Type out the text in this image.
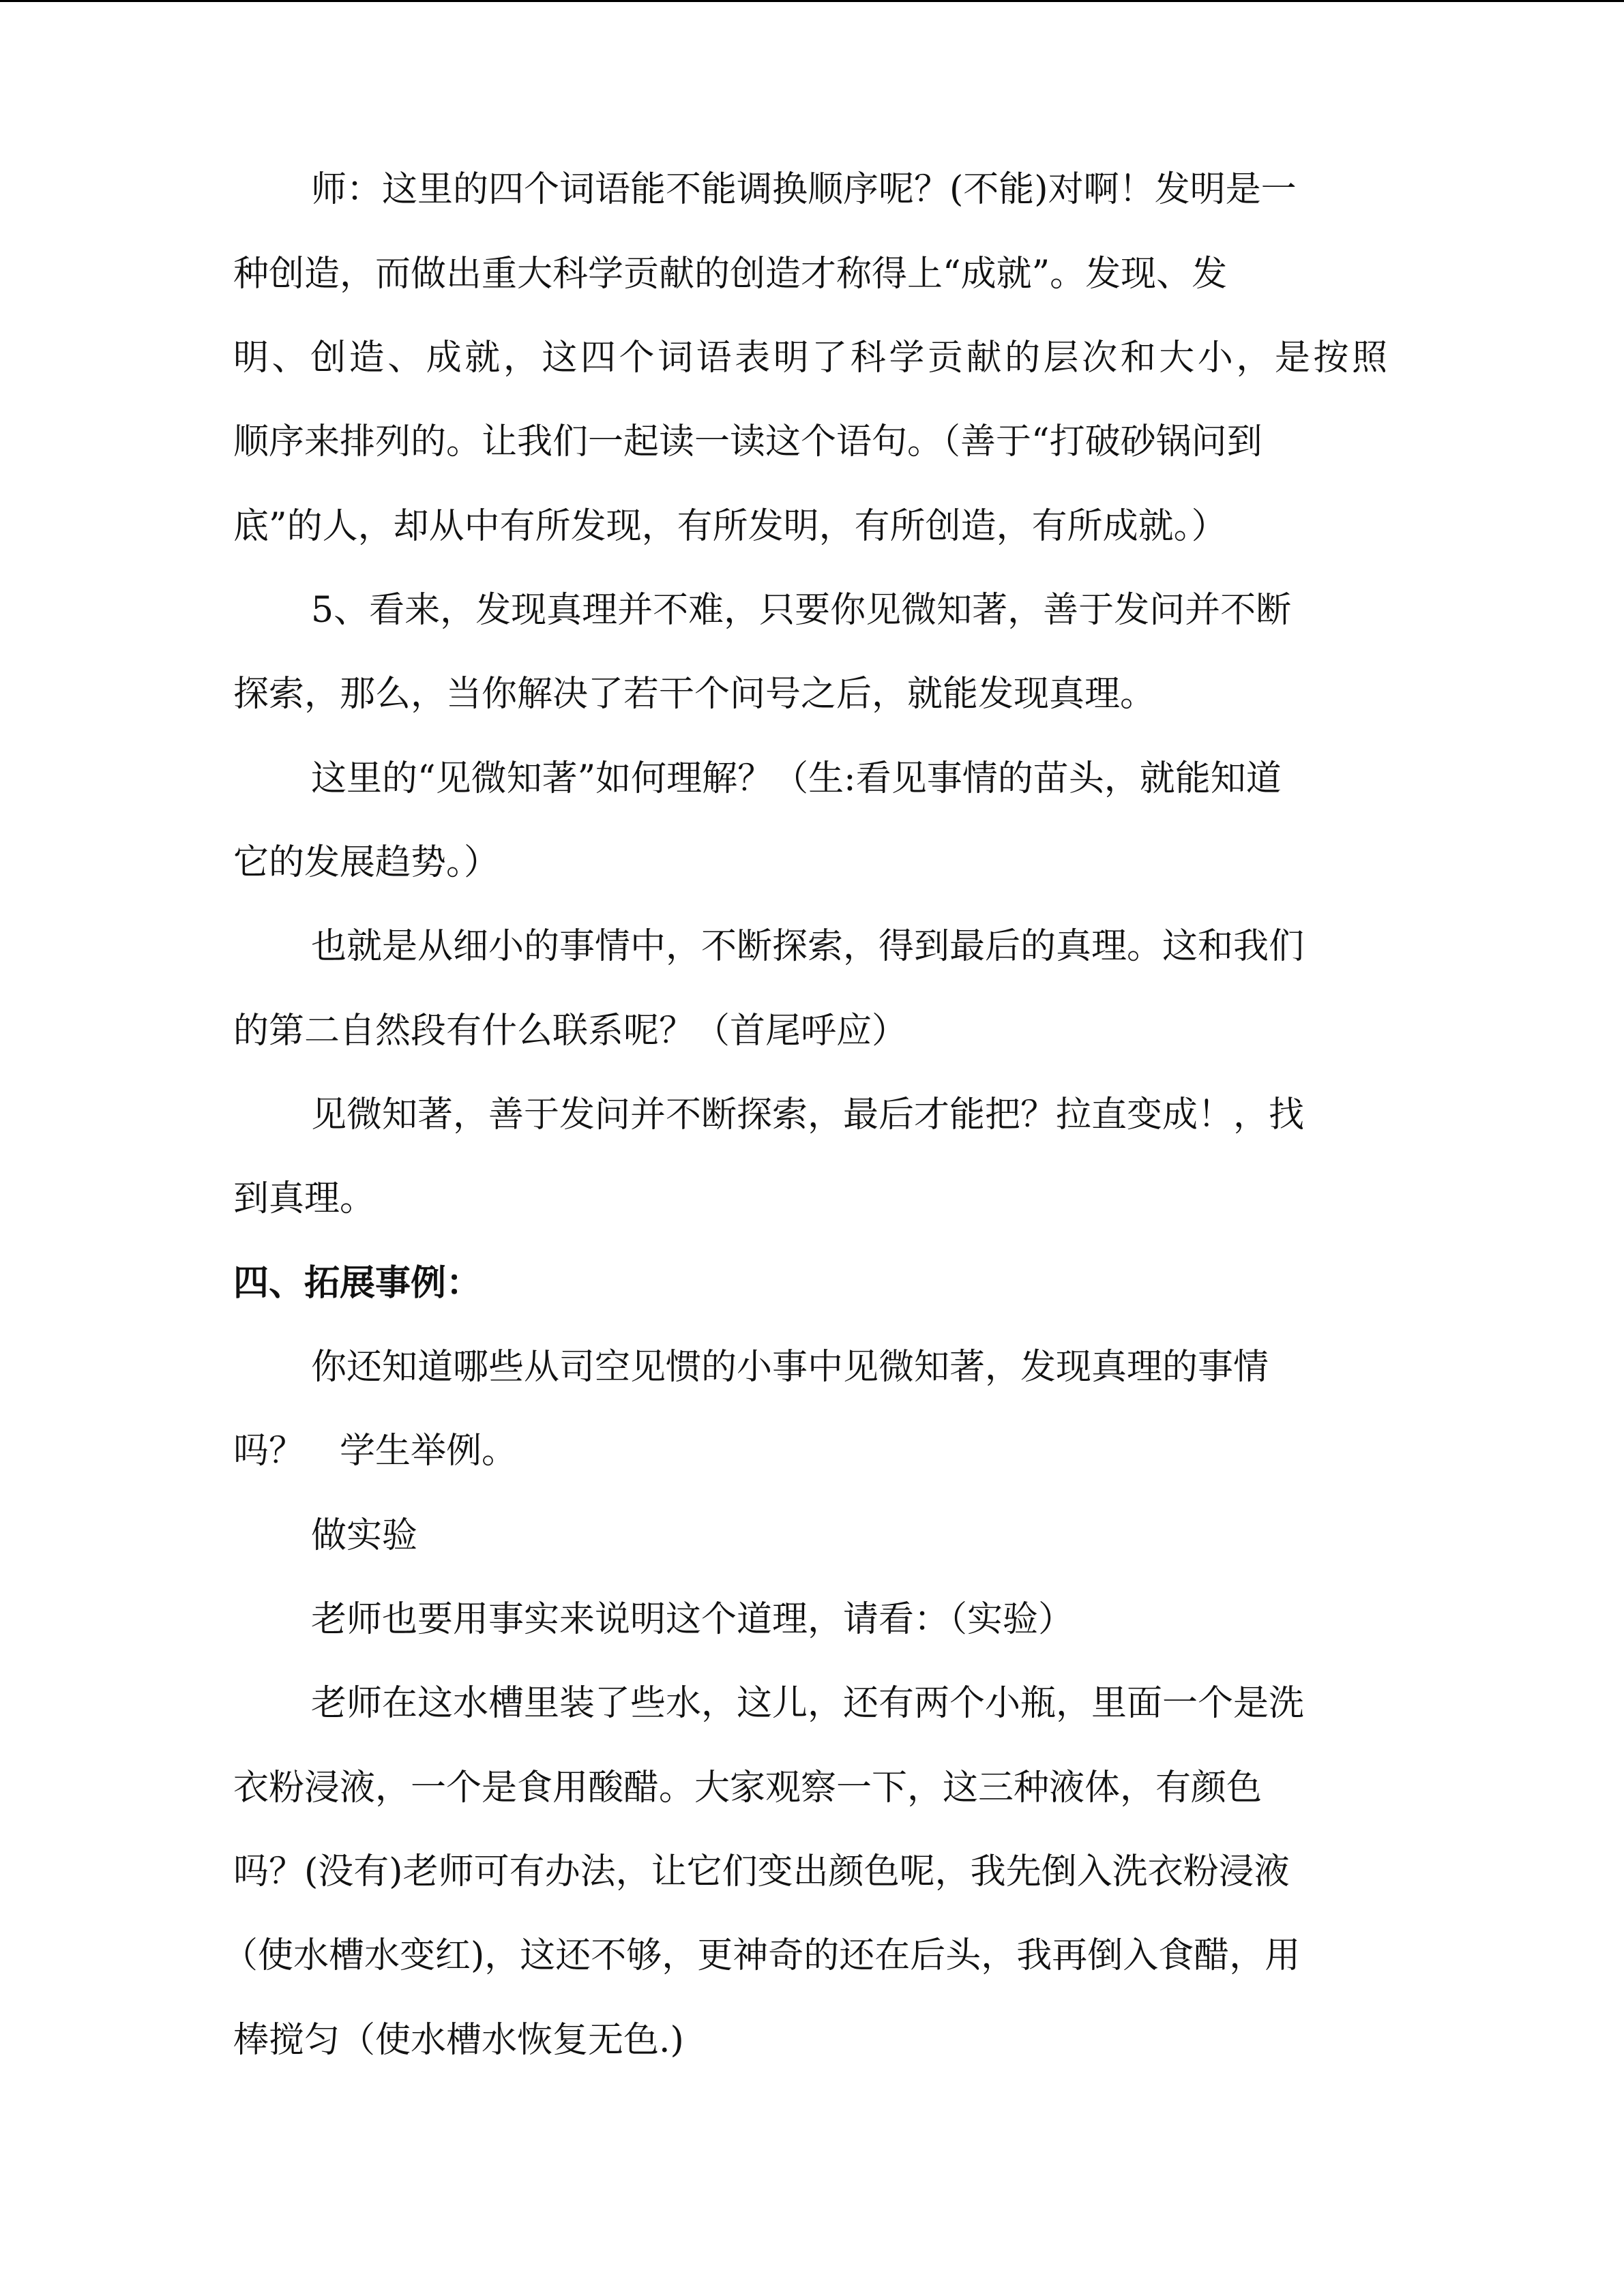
师：这里的四个词语能不能调换顺序呢？(不能)对啊！发明是一
种创造，而做出重大科学贡献的创造才称得上“成就”。发现、发
明、创造、成就，这四个词语表明了科学贡献的层次和大小，是按照
顺序来排列的。让我们一起读一读这个语句。（善于“打破砂锅问到
底”的人，却从中有所发现，有所发明，有所创造，有所成就。）
5、看来，发现真理并不难，只要你见微知著，善于发问并不断
探索，那么，当你解决了若干个问号之后，就能发现真理。
这里的“见微知著”如何理解？（生:看见事情的苗头，就能知道
它的发展趋势。）
也就是从细小的事情中，不断探索，得到最后的真理。这和我们
的第二自然段有什么联系呢？（首尾呼应）
见微知著，善于发问并不断探索，最后才能把？拉直变成！，找
到真理。
四、拓展事例：
你还知道哪些从司空见惯的小事中见微知著，发现真理的事情
吗？　学生举例。
做实验
老师也要用事实来说明这个道理，请看：（实验）
老师在这水槽里装了些水，这儿，还有两个小瓶，里面一个是洗
衣粉浸液，一个是食用酸醋。大家观察一下，这三种液体，有颜色
吗？(没有)老师可有办法，让它们变出颜色呢，我先倒入洗衣粉浸液
（使水槽水变红)，这还不够，更神奇的还在后头，我再倒入食醋，用
棒搅匀（使水槽水恢复无色.)
